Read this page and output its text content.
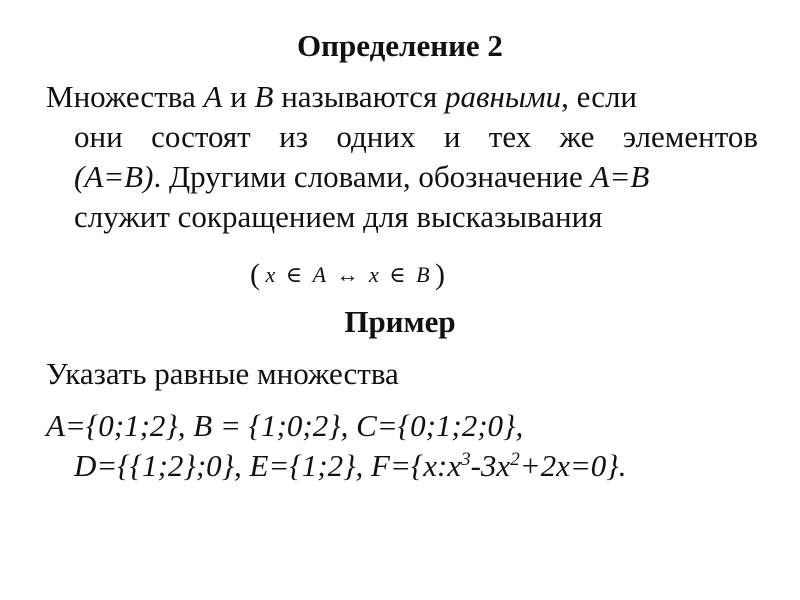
Определение 2
Множества A и B называются равными, если
они состоят из одних и тех же элементов
(A=B). Другими словами, обозначение A=B
служит сокращением для высказывания
( x ∈ A ↔ x ∈ B )
Пример

Указать равные множества

A={0;1;2}, B = {1;0;2}, C={0;1;2;0},
D={{1;2};0}, E={1;2}, $F=\{x:x^3-3x^2+2x=0\}$.
